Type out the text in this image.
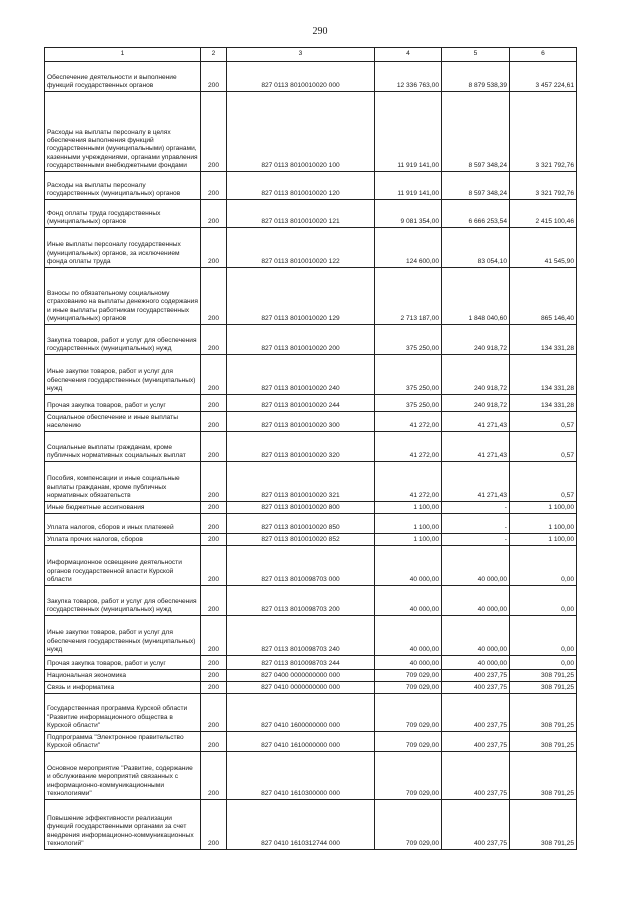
290
1	2	3	4	5	6
Обеспечение деятельности и выполнение функций государственных органов	200	827 0113 8010010020 000	12 336 763,00	8 879 538,39	3 457 224,61
Расходы на выплаты персоналу в целях обеспечения выполнения функций государственными (муниципальными) органами, казенными учреждениями, органами управления государственными внебюджетными фондами	200	827 0113 8010010020 100	11 919 141,00	8 597 348,24	3 321 792,76
Расходы на выплаты персоналу государственных (муниципальных) органов	200	827 0113 8010010020 120	11 919 141,00	8 597 348,24	3 321 792,76
Фонд оплаты труда государственных (муниципальных) органов	200	827 0113 8010010020 121	9 081 354,00	6 666 253,54	2 415 100,46
Иные выплаты персоналу государственных (муниципальных) органов, за исключением фонда оплаты труда	200	827 0113 8010010020 122	124 600,00	83 054,10	41 545,90
Взносы по обязательному социальному страхованию на выплаты денежного содержания и иные выплаты работникам государственных (муниципальных) органов	200	827 0113 8010010020 129	2 713 187,00	1 848 040,60	865 146,40
Закупка товаров, работ и услуг для обеспечения государственных (муниципальных) нужд	200	827 0113 8010010020 200	375 250,00	240 918,72	134 331,28
Иные закупки товаров, работ и услуг для обеспечения государственных (муниципальных) нужд	200	827 0113 8010010020 240	375 250,00	240 918,72	134 331,28
Прочая закупка товаров, работ и услуг	200	827 0113 8010010020 244	375 250,00	240 918,72	134 331,28
Социальное обеспечение и иные выплаты населению	200	827 0113 8010010020 300	41 272,00	41 271,43	0,57
Социальные выплаты гражданам, кроме публичных нормативных социальных выплат	200	827 0113 8010010020 320	41 272,00	41 271,43	0,57
Пособия, компенсации и иные социальные выплаты гражданам, кроме публичных нормативных обязательств	200	827 0113 8010010020 321	41 272,00	41 271,43	0,57
Иные бюджетные ассигнования	200	827 0113 8010010020 800	1 100,00	-	1 100,00
Уплата налогов, сборов и иных платежей	200	827 0113 8010010020 850	1 100,00	-	1 100,00
Уплата прочих налогов, сборов	200	827 0113 8010010020 852	1 100,00	-	1 100,00
Информационное освещение деятельности органов государственной власти Курской области	200	827 0113 8010098703 000	40 000,00	40 000,00	0,00
Закупка товаров, работ и услуг для обеспечения государственных (муниципальных) нужд	200	827 0113 8010098703 200	40 000,00	40 000,00	0,00
Иные закупки товаров, работ и услуг для обеспечения государственных (муниципальных) нужд	200	827 0113 8010098703 240	40 000,00	40 000,00	0,00
Прочая закупка товаров, работ и услуг	200	827 0113 8010098703 244	40 000,00	40 000,00	0,00
Национальная экономика	200	827 0400 0000000000 000	709 029,00	400 237,75	308 791,25
Связь и информатика	200	827 0410 0000000000 000	709 029,00	400 237,75	308 791,25
Государственная программа Курской области "Развитие информационного общества в Курской области"	200	827 0410 1600000000 000	709 029,00	400 237,75	308 791,25
Подпрограмма "Электронное правительство Курской области"	200	827 0410 1610000000 000	709 029,00	400 237,75	308 791,25
Основное мероприятие "Развитие, содержание и обслуживание мероприятий связанных с информационно-коммуникационными технологиями"	200	827 0410 1610300000 000	709 029,00	400 237,75	308 791,25
Повышение эффективности реализации функций государственными органами за счет внедрения информационно-коммуникационных технологий"	200	827 0410 1610312744 000	709 029,00	400 237,75	308 791,25
